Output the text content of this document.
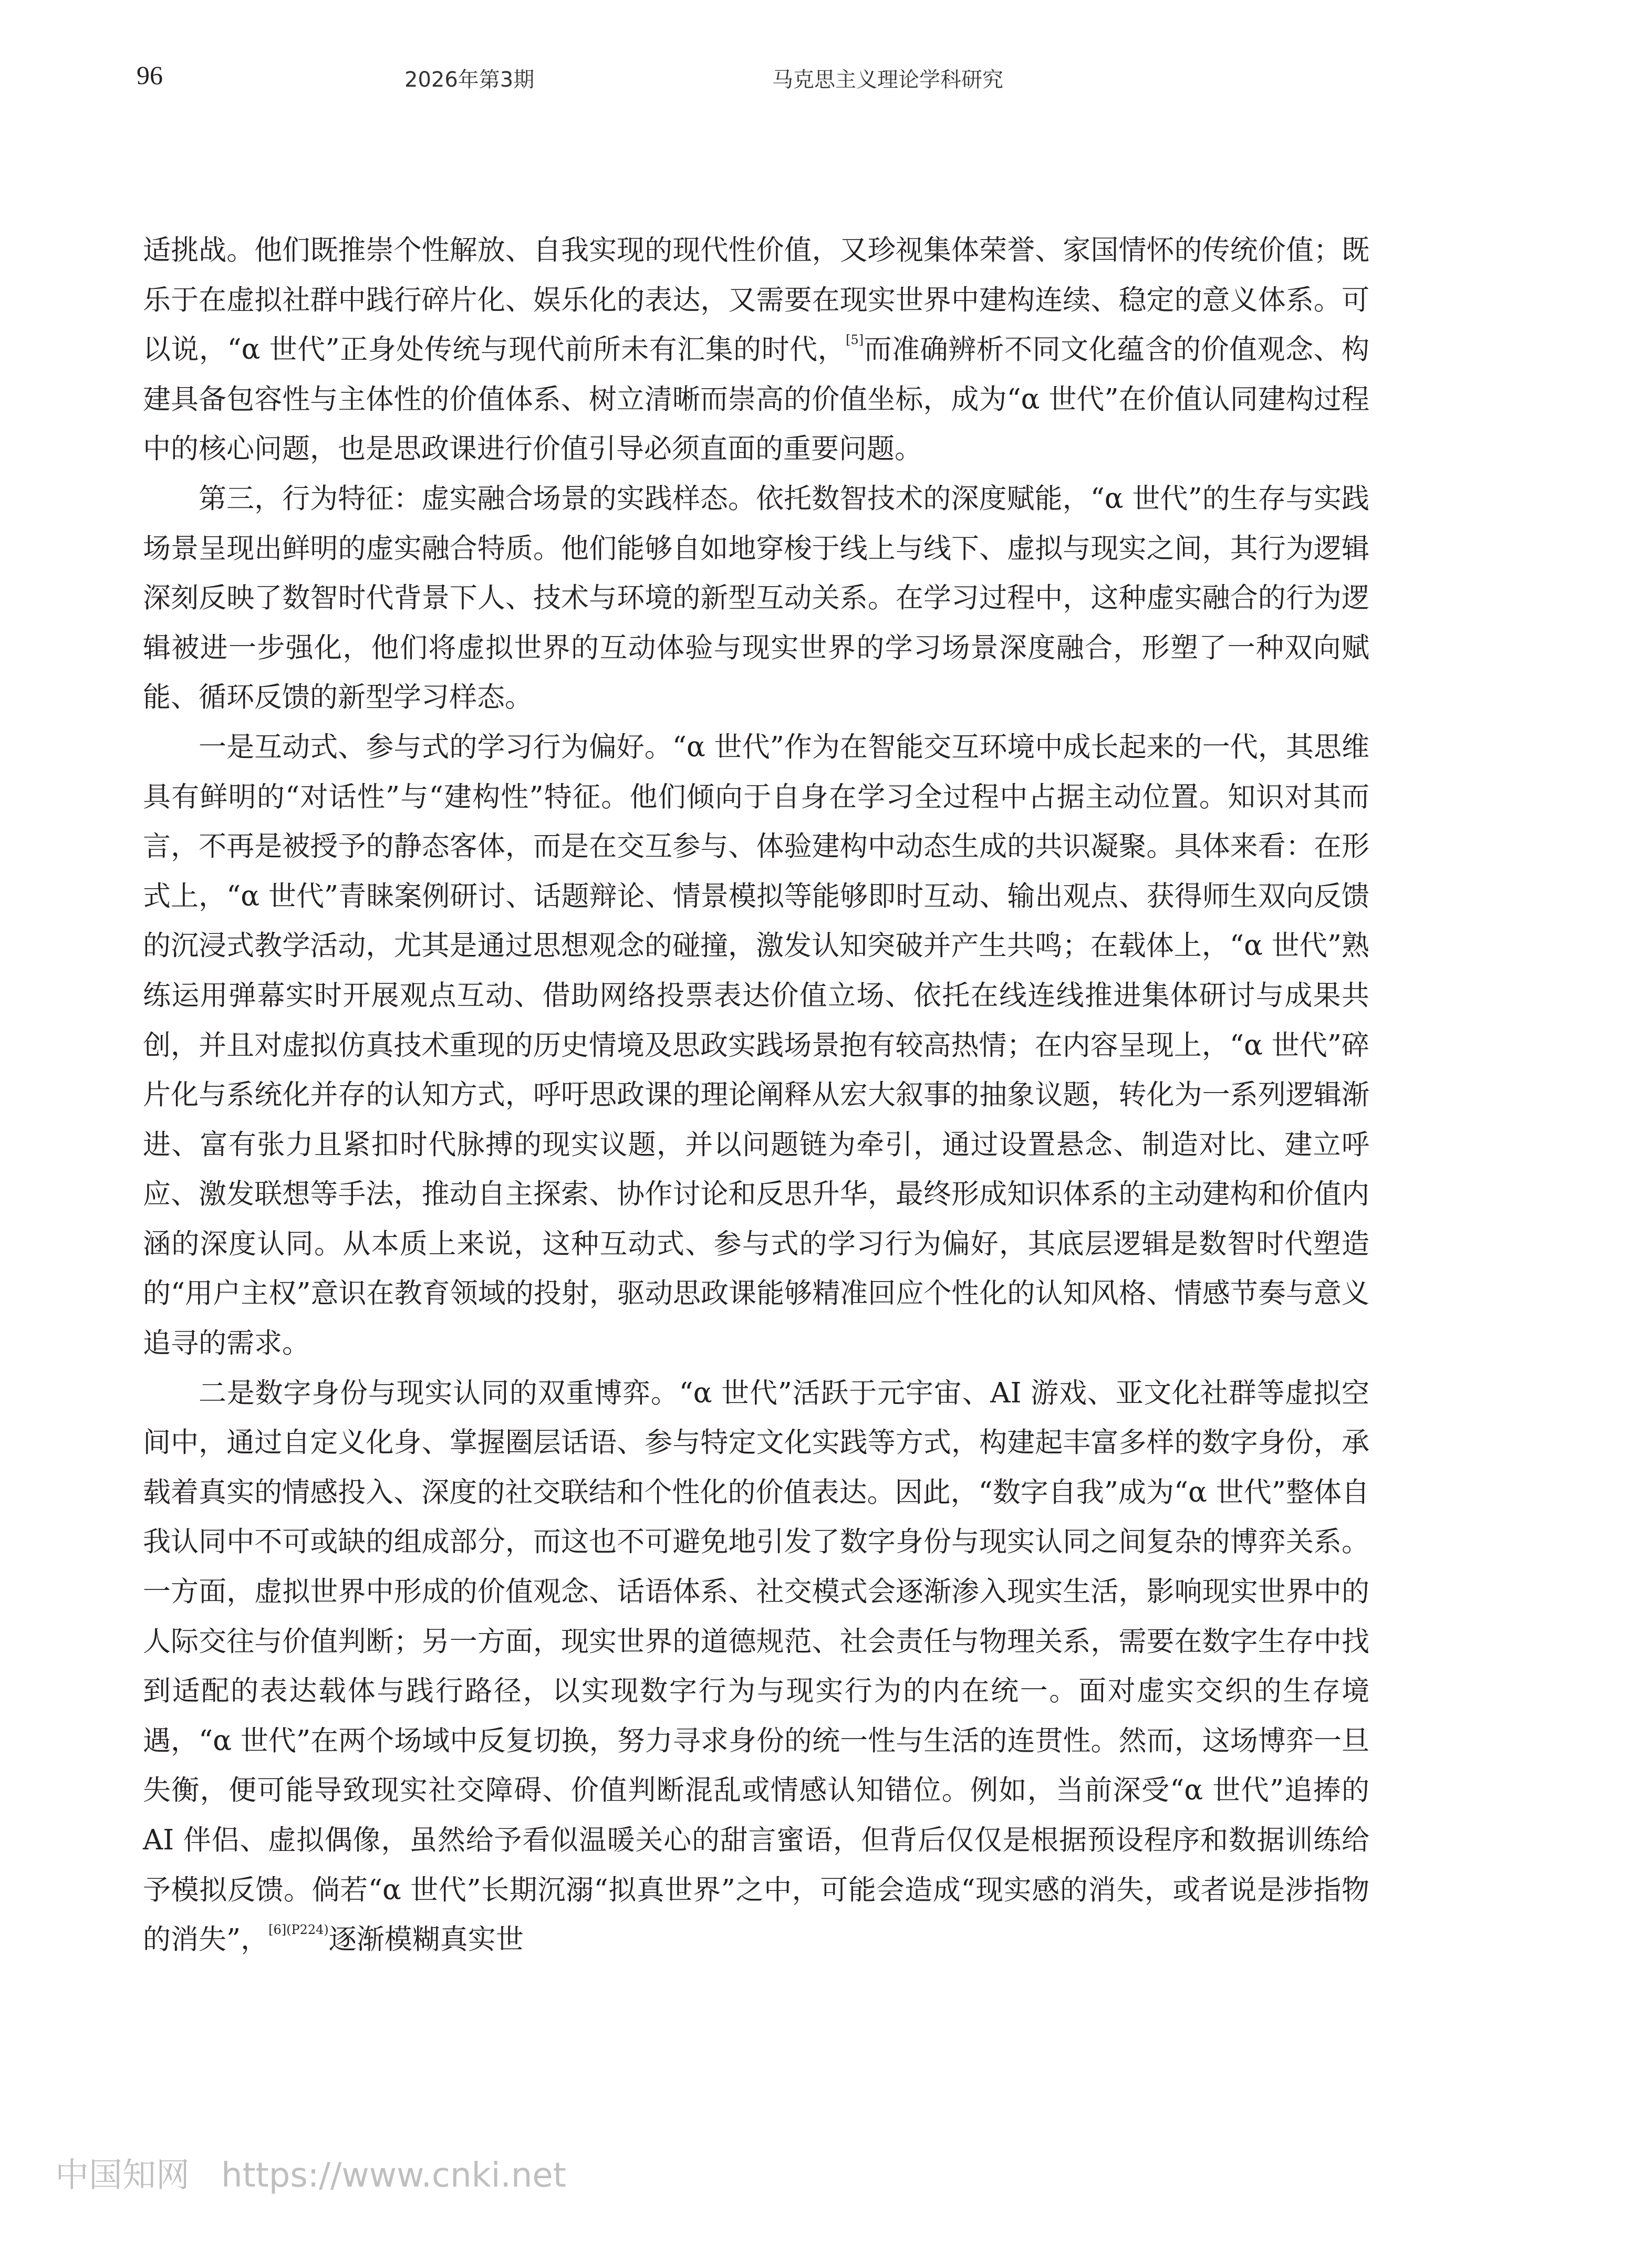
96	2026年第3期	马克思主义理论学科研究

适挑战。他们既推崇个性解放、自我实现的现代性价值，又珍视集体荣誉、家国情怀的传统价值；既乐于在虚拟社群中践行碎片化、娱乐化的表达，又需要在现实世界中建构连续、稳定的意义体系。可以说，“α 世代”正身处传统与现代前所未有汇集的时代，[5]而准确辨析不同文化蕴含的价值观念、构建具备包容性与主体性的价值体系、树立清晰而崇高的价值坐标，成为“α 世代”在价值认同建构过程中的核心问题，也是思政课进行价值引导必须直面的重要问题。

第三，行为特征：虚实融合场景的实践样态。依托数智技术的深度赋能，“α 世代”的生存与实践场景呈现出鲜明的虚实融合特质。他们能够自如地穿梭于线上与线下、虚拟与现实之间，其行为逻辑深刻反映了数智时代背景下人、技术与环境的新型互动关系。在学习过程中，这种虚实融合的行为逻辑被进一步强化，他们将虚拟世界的互动体验与现实世界的学习场景深度融合，形塑了一种双向赋能、循环反馈的新型学习样态。

一是互动式、参与式的学习行为偏好。“α 世代”作为在智能交互环境中成长起来的一代，其思维具有鲜明的“对话性”与“建构性”特征。他们倾向于自身在学习全过程中占据主动位置。知识对其而言，不再是被授予的静态客体，而是在交互参与、体验建构中动态生成的共识凝聚。具体来看：在形式上，“α 世代”青睐案例研讨、话题辩论、情景模拟等能够即时互动、输出观点、获得师生双向反馈的沉浸式教学活动，尤其是通过思想观念的碰撞，激发认知突破并产生共鸣；在载体上，“α 世代”熟练运用弹幕实时开展观点互动、借助网络投票表达价值立场、依托在线连线推进集体研讨与成果共创，并且对虚拟仿真技术重现的历史情境及思政实践场景抱有较高热情；在内容呈现上，“α 世代”碎片化与系统化并存的认知方式，呼吁思政课的理论阐释从宏大叙事的抽象议题，转化为一系列逻辑渐进、富有张力且紧扣时代脉搏的现实议题，并以问题链为牵引，通过设置悬念、制造对比、建立呼应、激发联想等手法，推动自主探索、协作讨论和反思升华，最终形成知识体系的主动建构和价值内涵的深度认同。从本质上来说，这种互动式、参与式的学习行为偏好，其底层逻辑是数智时代塑造的“用户主权”意识在教育领域的投射，驱动思政课能够精准回应个性化的认知风格、情感节奏与意义追寻的需求。

二是数字身份与现实认同的双重博弈。“α 世代”活跃于元宇宙、AI 游戏、亚文化社群等虚拟空间中，通过自定义化身、掌握圈层话语、参与特定文化实践等方式，构建起丰富多样的数字身份，承载着真实的情感投入、深度的社交联结和个性化的价值表达。因此，“数字自我”成为“α 世代”整体自我认同中不可或缺的组成部分，而这也不可避免地引发了数字身份与现实认同之间复杂的博弈关系。一方面，虚拟世界中形成的价值观念、话语体系、社交模式会逐渐渗入现实生活，影响现实世界中的人际交往与价值判断；另一方面，现实世界的道德规范、社会责任与物理关系，需要在数字生存中找到适配的表达载体与践行路径，以实现数字行为与现实行为的内在统一。面对虚实交织的生存境遇，“α 世代”在两个场域中反复切换，努力寻求身份的统一性与生活的连贯性。然而，这场博弈一旦失衡，便可能导致现实社交障碍、价值判断混乱或情感认知错位。例如，当前深受“α 世代”追捧的 AI 伴侣、虚拟偶像，虽然给予看似温暖关心的甜言蜜语，但背后仅仅是根据预设程序和数据训练给予模拟反馈。倘若“α 世代”长期沉溺“拟真世界”之中，可能会造成“现实感的消失，或者说是涉指物的消失”，$^{[6](P224)}$逐渐模糊真实世

中国知网 https://www.cnki.net
